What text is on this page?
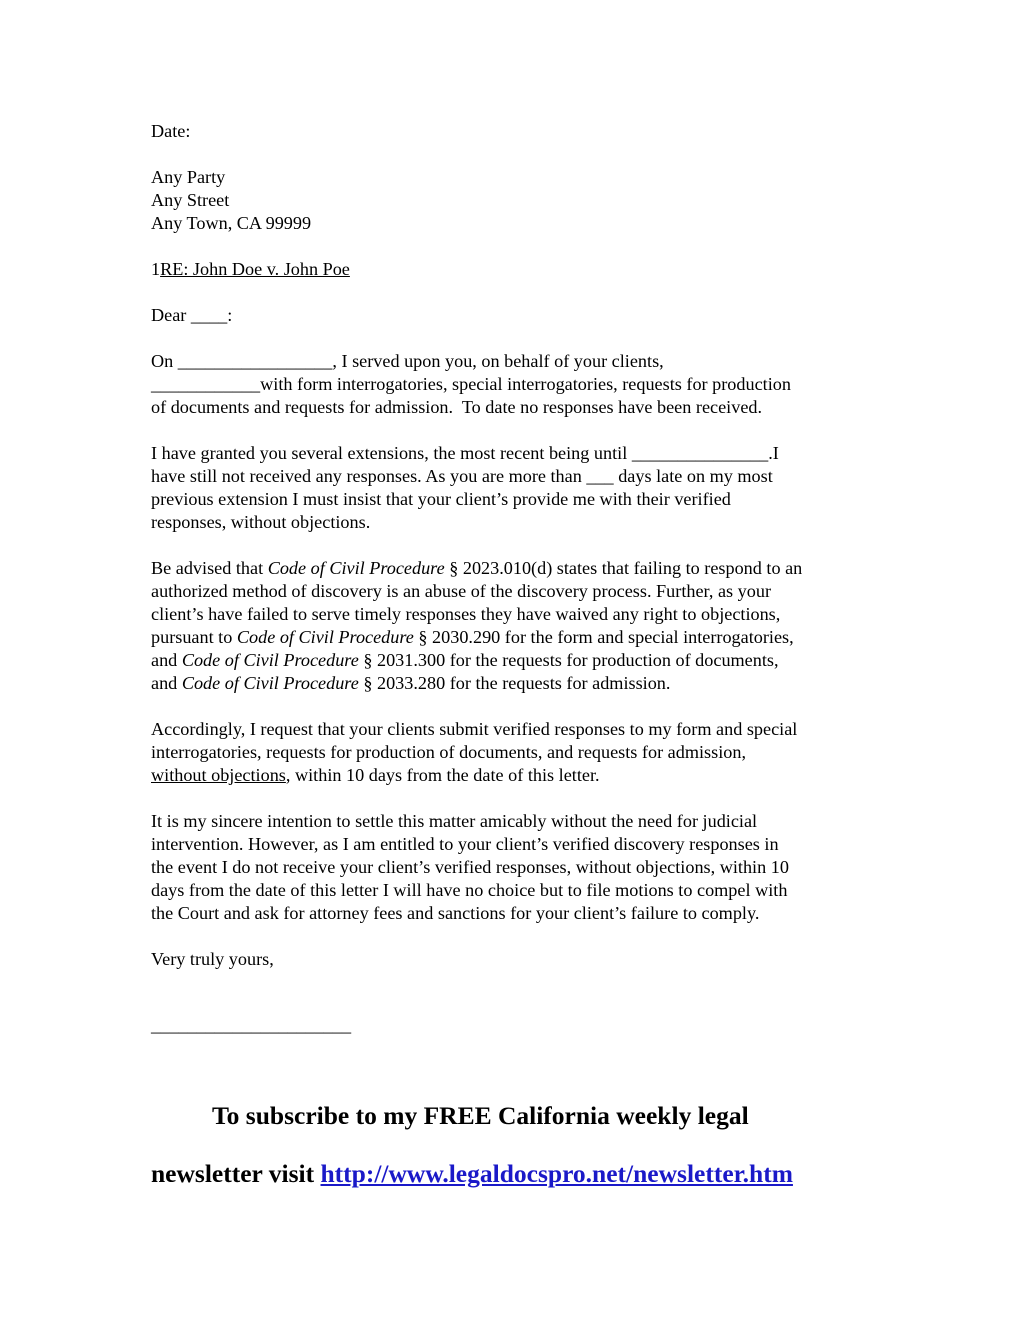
Date:
Any Party
Any Street
Any Town, CA 99999
1RE: John Doe v. John Poe
Dear ____:
On _________________, I served upon you, on behalf of your clients,
____________with form interrogatories, special interrogatories, requests for production
of documents and requests for admission.  To date no responses have been received.
I have granted you several extensions, the most recent being until _______________.I
have still not received any responses. As you are more than ___ days late on my most
previous extension I must insist that your client’s provide me with their verified
responses, without objections.
Be advised that Code of Civil Procedure § 2023.010(d) states that failing to respond to an
authorized method of discovery is an abuse of the discovery process. Further, as your
client’s have failed to serve timely responses they have waived any right to objections,
pursuant to Code of Civil Procedure § 2030.290 for the form and special interrogatories,
and Code of Civil Procedure § 2031.300 for the requests for production of documents,
and Code of Civil Procedure § 2033.280 for the requests for admission.
Accordingly, I request that your clients submit verified responses to my form and special
interrogatories, requests for production of documents, and requests for admission,
without objections, within 10 days from the date of this letter.
It is my sincere intention to settle this matter amicably without the need for judicial
intervention. However, as I am entitled to your client’s verified discovery responses in
the event I do not receive your client’s verified responses, without objections, within 10
days from the date of this letter I will have no choice but to file motions to compel with
the Court and ask for attorney fees and sanctions for your client’s failure to comply.
Very truly yours,
______________________
To subscribe to my FREE California weekly legal
newsletter visit http://www.legaldocspro.net/newsletter.htm
